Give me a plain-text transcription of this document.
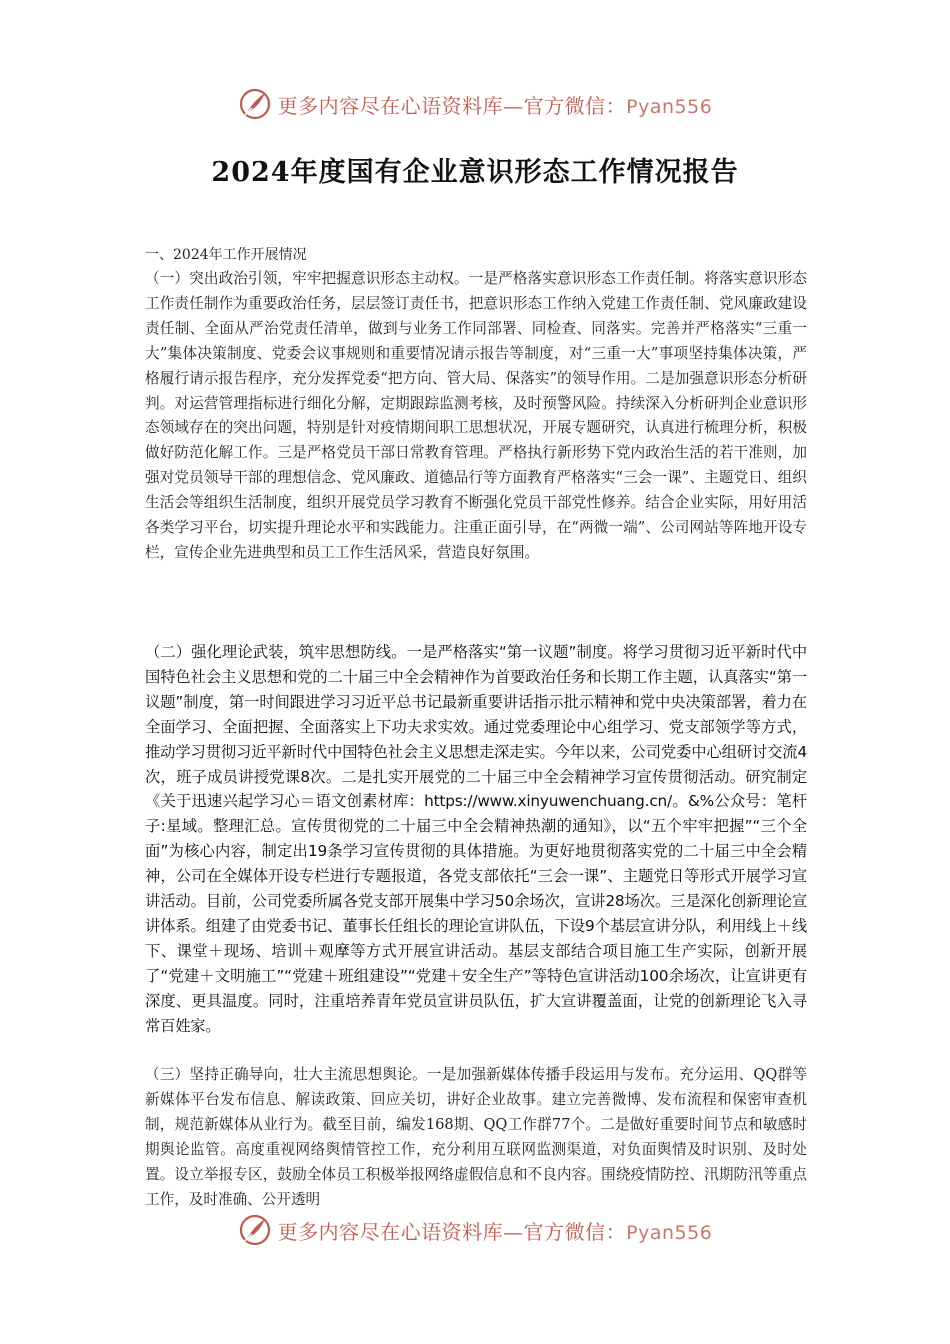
更多内容尽在心语资料库—官方微信：Pyan556
2024年度国有企业意识形态工作情况报告

一、2024年工作开展情况

（一）突出政治引领，牢牢把握意识形态主动权。一是严格落实意识形态工作责任制。将落实意识形态工作责任制作为重要政治任务，层层签订责任书，把意识形态工作纳入党建工作责任制、党风廉政建设责任制、全面从严治党责任清单，做到与业务工作同部署、同检查、同落实。完善并严格落实“三重一大”集体决策制度、党委会议事规则和重要情况请示报告等制度，对“三重一大”事项坚持集体决策，严格履行请示报告程序，充分发挥党委“把方向、管大局、保落实”的领导作用。二是加强意识形态分析研判。对运营管理指标进行细化分解，定期跟踪监测考核，及时预警风险。持续深入分析研判企业意识形态领域存在的突出问题，特别是针对疫情期间职工思想状况，开展专题研究，认真进行梳理分析，积极做好防范化解工作。三是严格党员干部日常教育管理。严格执行新形势下党内政治生活的若干准则，加强对党员领导干部的理想信念、党风廉政、道德品行等方面教育严格落实“三会一课”、主题党日、组织生活会等组织生活制度，组织开展党员学习教育不断强化党员干部党性修养。结合企业实际，用好用活各类学习平台，切实提升理论水平和实践能力。注重正面引导，在“两微一端”、公司网站等阵地开设专栏，宣传企业先进典型和员工工作生活风采，营造良好氛围。

（二）强化理论武装，筑牢思想防线。一是严格落实“第一议题”制度。将学习贯彻习近平新时代中国特色社会主义思想和党的二十届三中全会精神作为首要政治任务和长期工作主题，认真落实“第一议题”制度，第一时间跟进学习习近平总书记最新重要讲话指示批示精神和党中央决策部署，着力在全面学习、全面把握、全面落实上下功夫求实效。通过党委理论中心组学习、党支部领学等方式，推动学习贯彻习近平新时代中国特色社会主义思想走深走实。今年以来，公司党委中心组研讨交流4次，班子成员讲授党课8次。二是扎实开展党的二十届三中全会精神学习宣传贯彻活动。研究制定《关于迅速兴起学习心＝语文创素材库：https://www.xinyuwenchuang.cn/。&%公众号：笔杆子:星域。整理汇总。宣传贯彻党的二十届三中全会精神热潮的通知》，以“五个牢牢把握”“三个全面”为核心内容，制定出19条学习宣传贯彻的具体措施。为更好地贯彻落实党的二十届三中全会精神，公司在全媒体开设专栏进行专题报道，各党支部依托“三会一课”、主题党日等形式开展学习宣讲活动。目前，公司党委所属各党支部开展集中学习50余场次，宣讲28场次。三是深化创新理论宣讲体系。组建了由党委书记、董事长任组长的理论宣讲队伍，下设9个基层宣讲分队，利用线上＋线下、课堂＋现场、培训＋观摩等方式开展宣讲活动。基层支部结合项目施工生产实际，创新开展了“党建＋文明施工”“党建＋班组建设”“党建＋安全生产”等特色宣讲活动100余场次，让宣讲更有深度、更具温度。同时，注重培养青年党员宣讲员队伍，扩大宣讲覆盖面，让党的创新理论飞入寻常百姓家。

（三）坚持正确导向，壮大主流思想舆论。一是加强新媒体传播手段运用与发布。充分运用、QQ群等新媒体平台发布信息、解读政策、回应关切，讲好企业故事。建立完善微博、发布流程和保密审查机制，规范新媒体从业行为。截至目前，编发168期、QQ工作群77个。二是做好重要时间节点和敏感时期舆论监管。高度重视网络舆情管控工作，充分利用互联网监测渠道，对负面舆情及时识别、及时处置。设立举报专区，鼓励全体员工积极举报网络虚假信息和不良内容。围绕疫情防控、汛期防汛等重点工作，及时准确、公开透明

更多内容尽在心语资料库—官方微信：Pyan556
